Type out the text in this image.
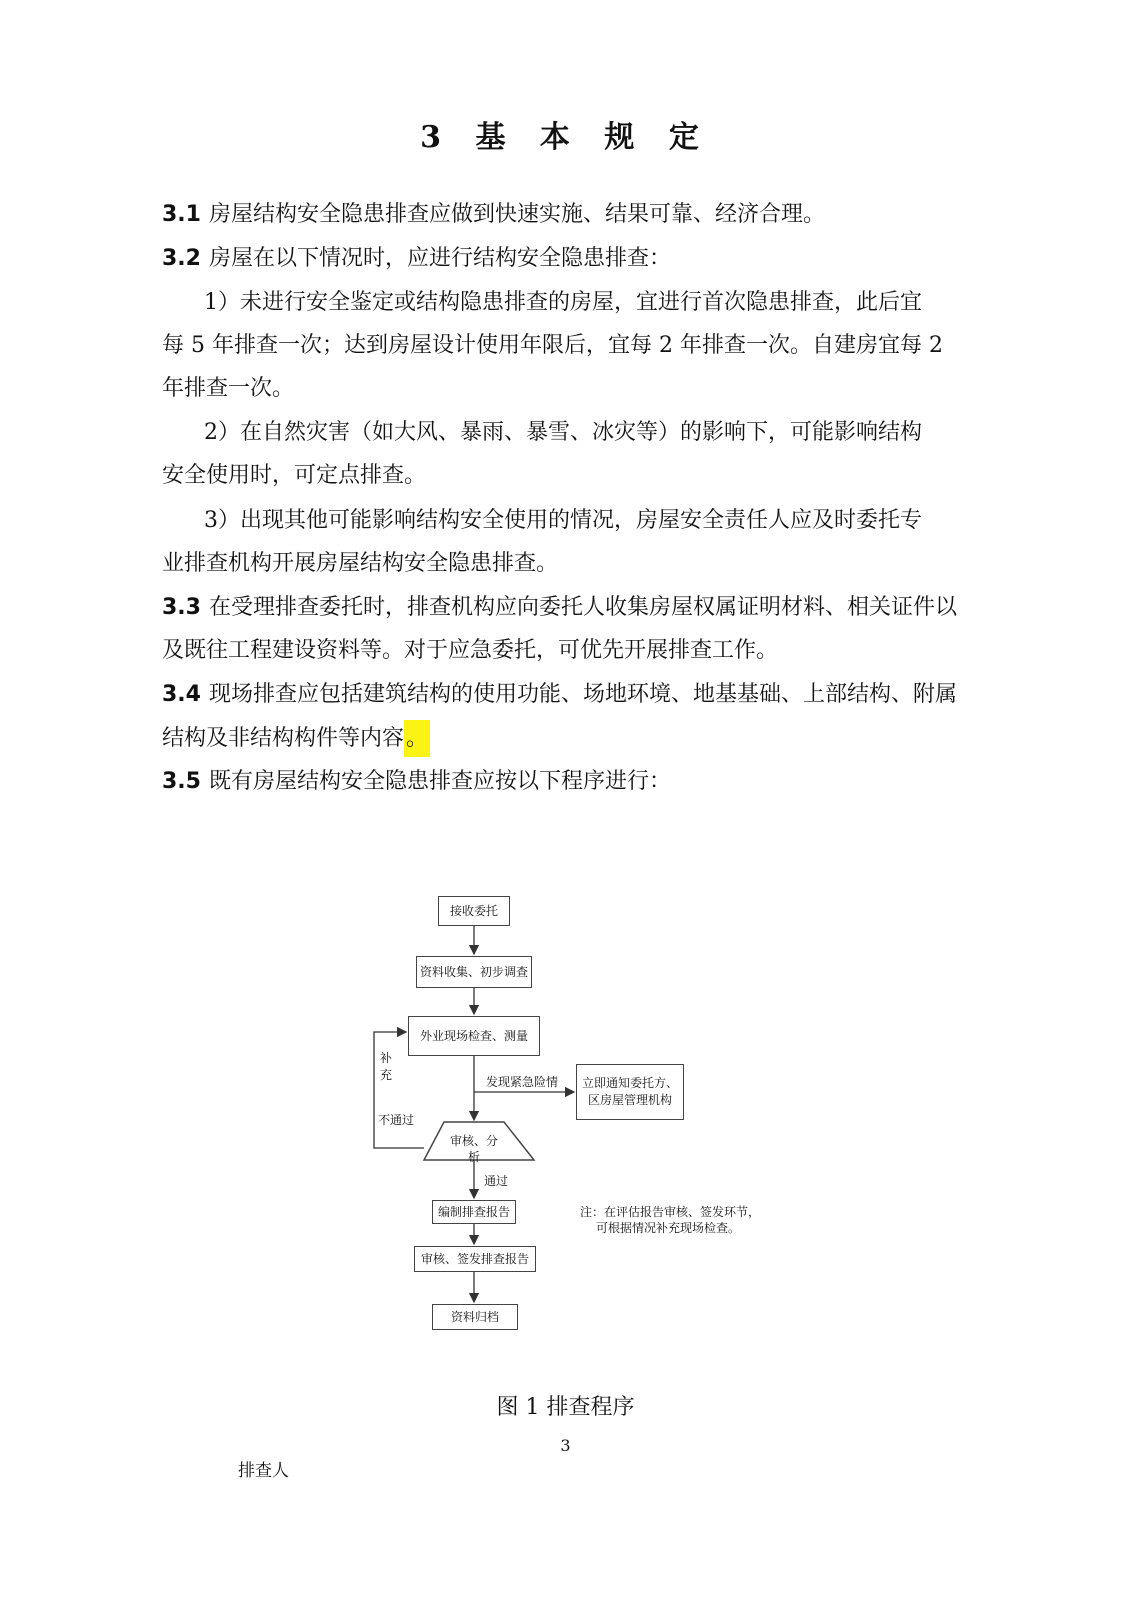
3 基 本 规 定
3.1 房屋结构安全隐患排查应做到快速实施、结果可靠、经济合理。
3.2 房屋在以下情况时，应进行结构安全隐患排查：
1）未进行安全鉴定或结构隐患排查的房屋，宜进行首次隐患排查，此后宜
每 5 年排查一次；达到房屋设计使用年限后，宜每 2 年排查一次。自建房宜每 2
年排查一次。
2）在自然灾害（如大风、暴雨、暴雪、冰灾等）的影响下，可能影响结构
安全使用时，可定点排查。
3）出现其他可能影响结构安全使用的情况，房屋安全责任人应及时委托专
业排查机构开展房屋结构安全隐患排查。
3.3 在受理排查委托时，排查机构应向委托人收集房屋权属证明材料、相关证件以
及既往工程建设资料等。对于应急委托，可优先开展排查工作。
3.4 现场排查应包括建筑结构的使用功能、场地环境、地基基础、上部结构、附属
结构及非结构构件等内容。
3.5 既有房屋结构安全隐患排查应按以下程序进行：
接收委托
资料收集、初步调查
外业现场检查、测量
发现紧急险情 立即通知委托方、
区房屋管理机构
补
充
不通过
审核、分析
通过
编制排查报告	注：在评估报告审核、签发环节，
可根据情况补充现场检查。
审核、签发排查报告
资料归档
图 1 排查程序
3
排查人
